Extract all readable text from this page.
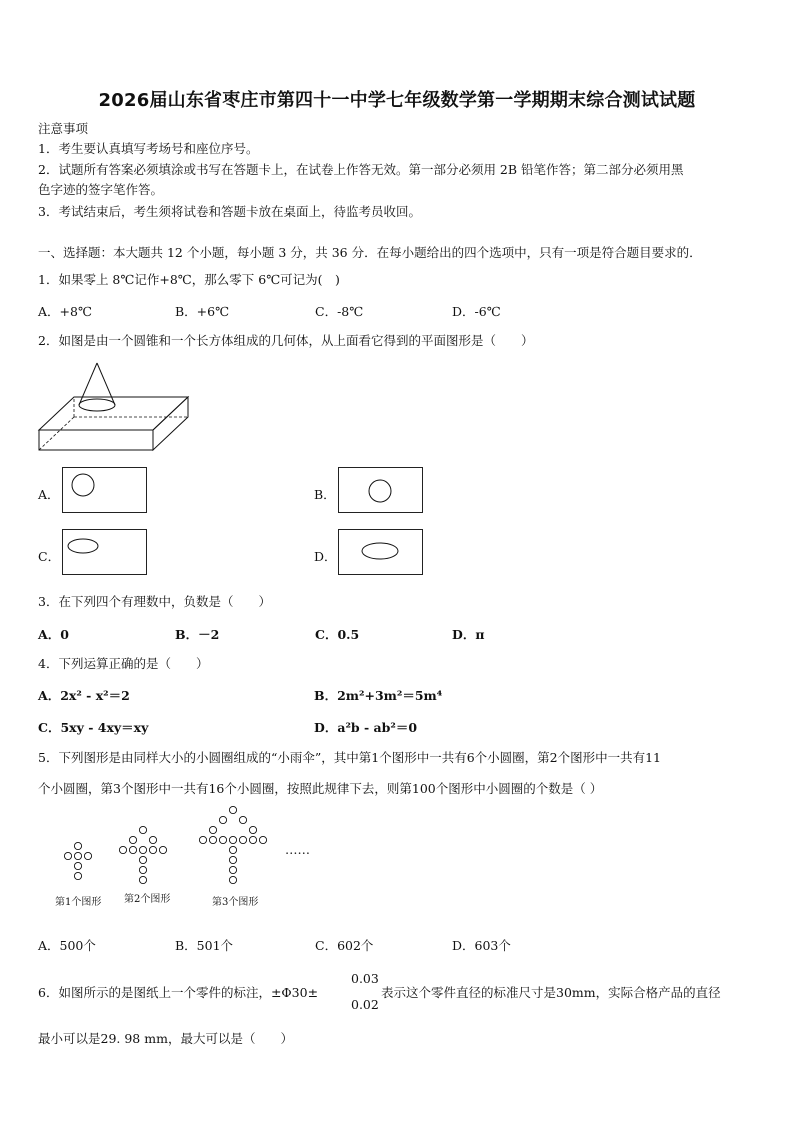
2026届山东省枣庄市第四十一中学七年级数学第一学期期末综合测试试题
注意事项
1．考生要认真填写考场号和座位序号。
2．试题所有答案必须填涂或书写在答题卡上，在试卷上作答无效。第一部分必须用 2B 铅笔作答；第二部分必须用黑
色字迹的签字笔作答。
3．考试结束后，考生须将试卷和答题卡放在桌面上，待监考员收回。
一、选择题：本大题共 12 个小题，每小题 3 分，共 36 分．在每小题给出的四个选项中，只有一项是符合题目要求的．
1．如果零上 8℃记作+8℃，那么零下 6℃可记为(　)
A．+8℃	B．+6℃	C．-8℃	D．-6℃
2．如图是由一个圆锥和一个长方体组成的几何体，从上面看它得到的平面图形是（　　）
A．	B．
C．	D．
3．在下列四个有理数中，负数是（　　）
A．0	B．－2	C．0.5	D．π
4．下列运算正确的是（　　）
A．2x² - x²＝2	B．2m²+3m²＝5m⁴
C．5xy - 4xy＝xy	D．a²b - ab²＝0
5．下列图形是由同样大小的小圆圈组成的“小雨伞”，其中第1个图形中一共有6个小圆圈，第2个图形中一共有11
个小圆圈，第3个图形中一共有16个小圆圈，按照此规律下去，则第100个图形中小圆圈的个数是（ ）
第1个图形 第2个图形	第3个图形
……
A．500个	B．501个	C．602个	D．603个
6．如图所示的是图纸上一个零件的标注，±Φ30±
0.03
0.02
表示这个零件直径的标准尺寸是30mm，实际合格产品的直径
最小可以是29. 98 mm，最大可以是（　　）
